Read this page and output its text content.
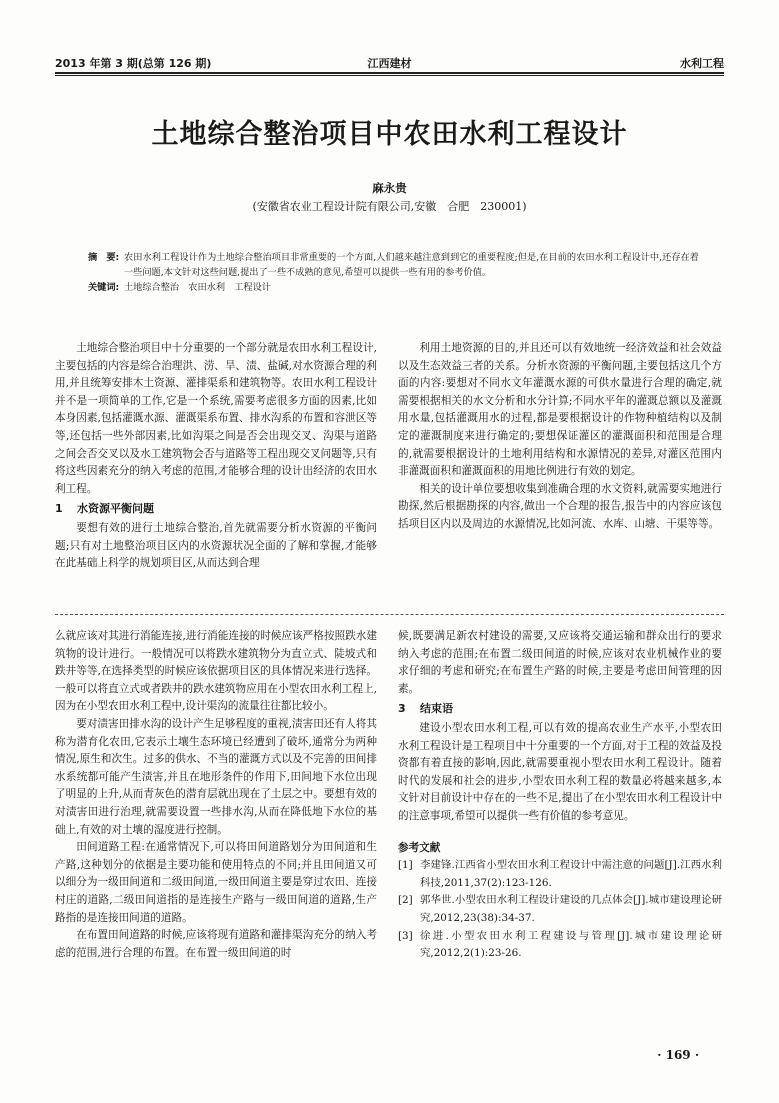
2013 年第 3 期(总第 126 期)	江西建材	水利工程
土地综合整治项目中农田水利工程设计
麻永贵
(安徽省农业工程设计院有限公司,安徽　合肥　230001)
摘　要: 农田水利工程设计作为土地综合整治项目非常重要的一个方面,人们越来越注意到到它的重要程度;但是,在目前的农田水利工程设计中,还存在着一些问题,本文针对这些问题,提出了一些不成熟的意见,希望可以提供一些有用的参考价值。
关键词: 土地综合整治　农田水利　工程设计

土地综合整治项目中十分重要的一个部分就是农田水利工程设计,主要包括的内容是综合治理洪、涝、旱、渍、盐碱,对水资源合理的利用,并且统筹安排木土资源、灌排渠系和建筑物等。农田水利工程设计并不是一项简单的工作,它是一个系统,需要考虑很多方面的因素,比如本身因素,包括灌溉水源、灌溉渠系布置、排水沟系的布置和容泄区等等,还包括一些外部因素,比如沟渠之间是否会出现交叉、沟渠与道路之间会否交叉以及水工建筑物会否与道路等工程出现交叉问题等,只有将这些因素充分的纳入考虑的范围,才能够合理的设计出经济的农田水利工程。

1 水资源平衡问题

要想有效的进行土地综合整治,首先就需要分析水资源的平衡问题;只有对土地整治项目区内的水资源状况全面的了解和掌握,才能够在此基础上科学的规划项目区,从而达到合理

利用土地资源的目的,并且还可以有效地统一经济效益和社会效益以及生态效益三者的关系。分析水资源的平衡问题,主要包括这几个方面的内容:要想对不同水文年灌溉水源的可供水量进行合理的确定,就需要根据相关的水文分析和水分计算;不同水平年的灌溉总额以及灌溉用水量,包括灌溉用水的过程,都是要根据设计的作物种植结构以及制定的灌溉制度来进行确定的;要想保证灌区的灌溉面积和范围是合理的,就需要根据设计的土地利用结构和水源情况的差异,对灌区范围内非灌溉面积和灌溉面积的用地比例进行有效的划定。

相关的设计单位要想收集到准确合理的水文资料,就需要实地进行勘探,然后根据勘探的内容,做出一个合理的报告,报告中的内容应该包括项目区内以及周边的水源情况,比如河流、水库、山塘、干渠等等。

么就应该对其进行消能连接,进行消能连接的时候应该严格按照跌水建筑物的设计进行。一般情况可以将跌水建筑物分为直立式、陡坡式和跌井等等,在选择类型的时候应该依据项目区的具体情况来进行选择。一般可以将直立式或者跌井的跌水建筑物应用在小型农田水利工程上,因为在小型农田水利工程中,设计渠沟的流量往往都比较小。

要对渍害田排水沟的设计产生足够程度的重视,渍害田还有人将其称为潜育化农田,它表示土壤生态环境已经遭到了破坏,通常分为两种情况,原生和次生。过多的供水、不当的灌溉方式以及不完善的田间排水系统都可能产生渍害,并且在地形条件的作用下,田间地下水位出现了明显的上升,从而青灰色的潜育层就出现在了土层之中。要想有效的对渍害田进行治理,就需要设置一些排水沟,从而在降低地下水位的基础上,有效的对土壤的湿度进行控制。

田间道路工程:在通常情况下,可以将田间道路划分为田间道和生产路,这种划分的依据是主要功能和使用特点的不同;并且田间道又可以细分为一级田间道和二级田间道,一级田间道主要是穿过农田、连接村庄的道路,二级田间道指的是连接生产路与一级田间道的道路,生产路指的是连接田间道的道路。

在布置田间道路的时候,应该将现有道路和灌排渠沟充分的纳入考虑的范围,进行合理的布置。在布置一级田间道的时

候,既要满足新农村建设的需要,又应该将交通运输和群众出行的要求纳入考虑的范围;在布置二级田间道的时候,应该对农业机械作业的要求仔细的考虑和研究;在布置生产路的时候,主要是考虑田间管理的因素。

3 结束语

建设小型农田水利工程,可以有效的提高农业生产水平,小型农田水利工程设计是工程项目中十分重要的一个方面,对于工程的效益及投资都有着直接的影响,因此,就需要重视小型农田水利工程设计。随着时代的发展和社会的进步,小型农田水利工程的数量必将越来越多,本文针对目前设计中存在的一些不足,提出了在小型农田水利工程设计中的注意事项,希望可以提供一些有价值的参考意见。

参考文献

[1] 李建锋.江西省小型农田水利工程设计中需注意的问题[J].江西水利科技,2011,37(2):123-126.

[2] 郭华世.小型农田水利工程设计建设的几点体会[J].城市建设理论研究,2012,23(38):34-37.

[3] 徐进.小型农田水利工程建设与管理[J].城市建设理论研究,2012,2(1):23-26.

· 169 ·
